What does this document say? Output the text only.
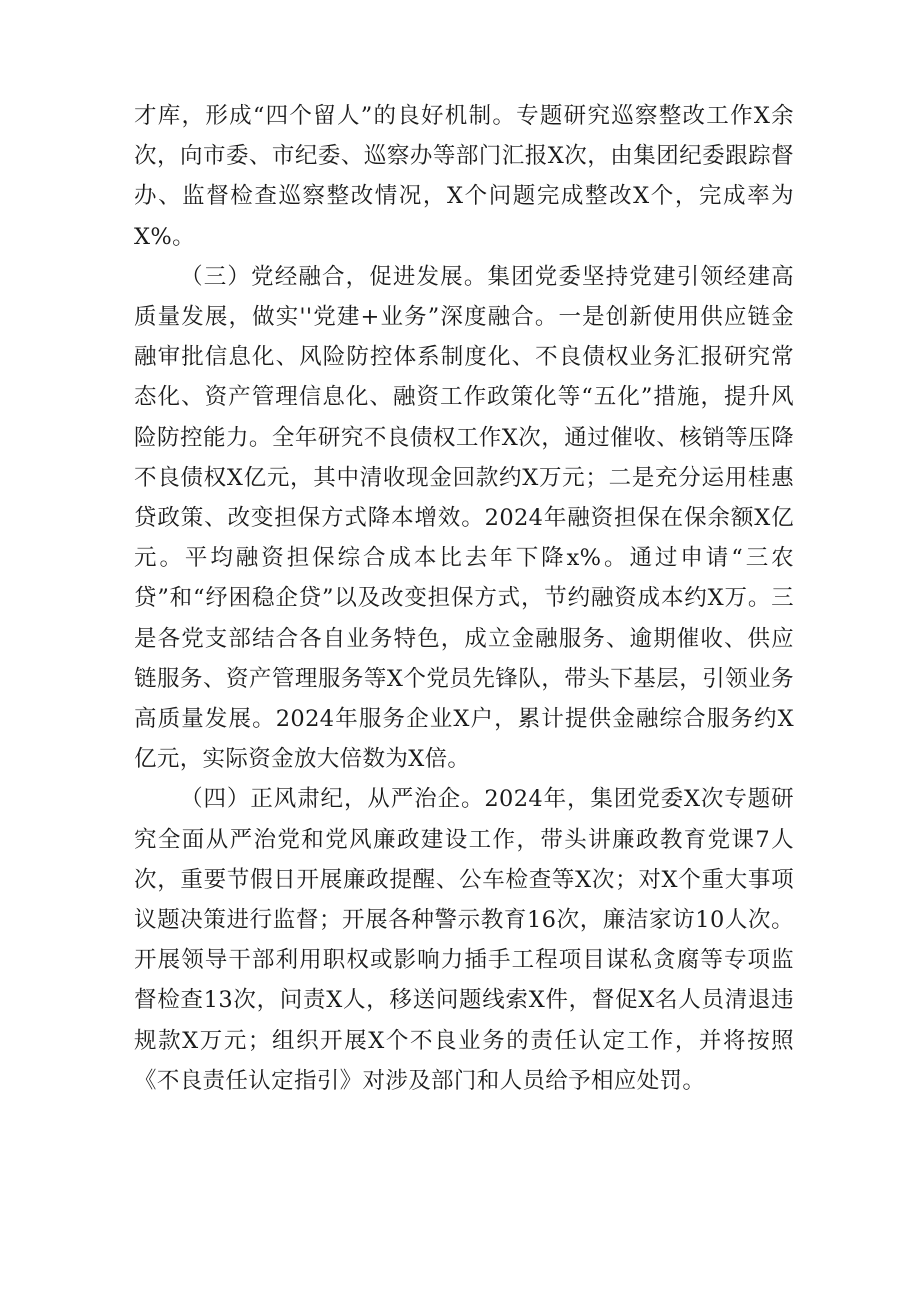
才库，形成“四个留人”的良好机制。专题研究巡察整改工作X余次，向市委、市纪委、巡察办等部门汇报X次，由集团纪委跟踪督办、监督检查巡察整改情况，X个问题完成整改X个，完成率为X%。

（三）党经融合，促进发展。集团党委坚持党建引领经建高质量发展，做实''党建+业务”深度融合。一是创新使用供应链金融审批信息化、风险防控体系制度化、不良债权业务汇报研究常态化、资产管理信息化、融资工作政策化等“五化”措施，提升风险防控能力。全年研究不良债权工作X次，通过催收、核销等压降不良债权X亿元，其中清收现金回款约X万元；二是充分运用桂惠贷政策、改变担保方式降本增效。2024年融资担保在保余额X亿元。平均融资担保综合成本比去年下降x%。通过申请“三农贷”和“纾困稳企贷”以及改变担保方式，节约融资成本约X万。三是各党支部结合各自业务特色，成立金融服务、逾期催收、供应链服务、资产管理服务等X个党员先锋队，带头下基层，引领业务高质量发展。2024年服务企业X户，累计提供金融综合服务约X亿元，实际资金放大倍数为X倍。

（四）正风肃纪，从严治企。2024年，集团党委X次专题研究全面从严治党和党风廉政建设工作，带头讲廉政教育党课7人次，重要节假日开展廉政提醒、公车检查等X次；对X个重大事项议题决策进行监督；开展各种警示教育16次，廉洁家访10人次。开展领导干部利用职权或影响力插手工程项目谋私贪腐等专项监督检查13次，问责X人，移送问题线索X件，督促X名人员清退违规款X万元；组织开展X个不良业务的责任认定工作，并将按照《不良责任认定指引》对涉及部门和人员给予相应处罚。
